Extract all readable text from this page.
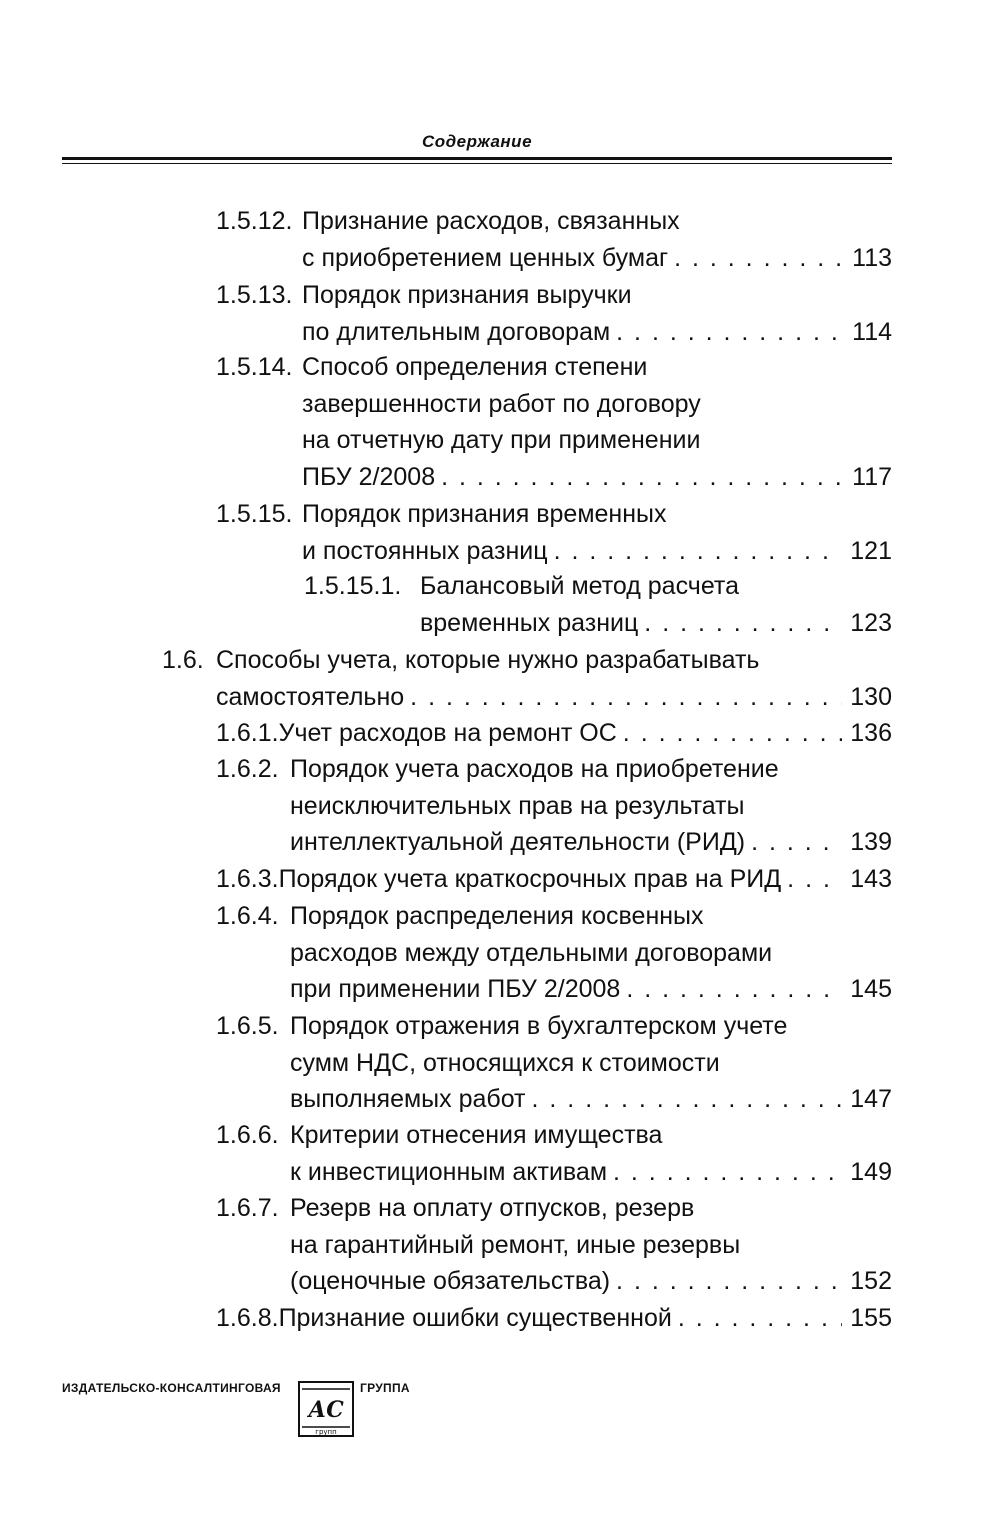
Содержание
1.5.12. Признание расходов, связанных
с приобретением ценных бумаг . . .	113
1.5.13. Порядок признания выручки
по длительным договорам . . .	114
1.5.14. Способ определения степени
завершенности работ по договору
на отчетную дату при применении
ПБУ 2/2008 . . .	117
1.5.15. Порядок признания временных
и постоянных разниц . . .	121
1.5.15.1. Балансовый метод расчета
временных разниц . . .	123
1.6. Способы учета, которые нужно разрабатывать
самостоятельно . . .	130
1.6.1. Учет расходов на ремонт ОС . . .	136
1.6.2. Порядок учета расходов на приобретение
неисключительных прав на результаты
интеллектуальной деятельности (РИД) . . .	139
1.6.3. Порядок учета краткосрочных прав на РИД . . .	143
1.6.4. Порядок распределения косвенных
расходов между отдельными договорами
при применении ПБУ 2/2008 . . .	145
1.6.5. Порядок отражения в бухгалтерском учете
сумм НДС, относящихся к стоимости
выполняемых работ . . .	147
1.6.6. Критерии отнесения имущества
к инвестиционным активам . . .	149
1.6.7. Резерв на оплату отпусков, резерв
на гарантийный ремонт, иные резервы
(оценочные обязательства) . . .	152
1.6.8. Признание ошибки существенной . . .	155
ИЗДАТЕЛЬСКО-КОНСАЛТИНГОВАЯ
АС
групп
ГРУППА
